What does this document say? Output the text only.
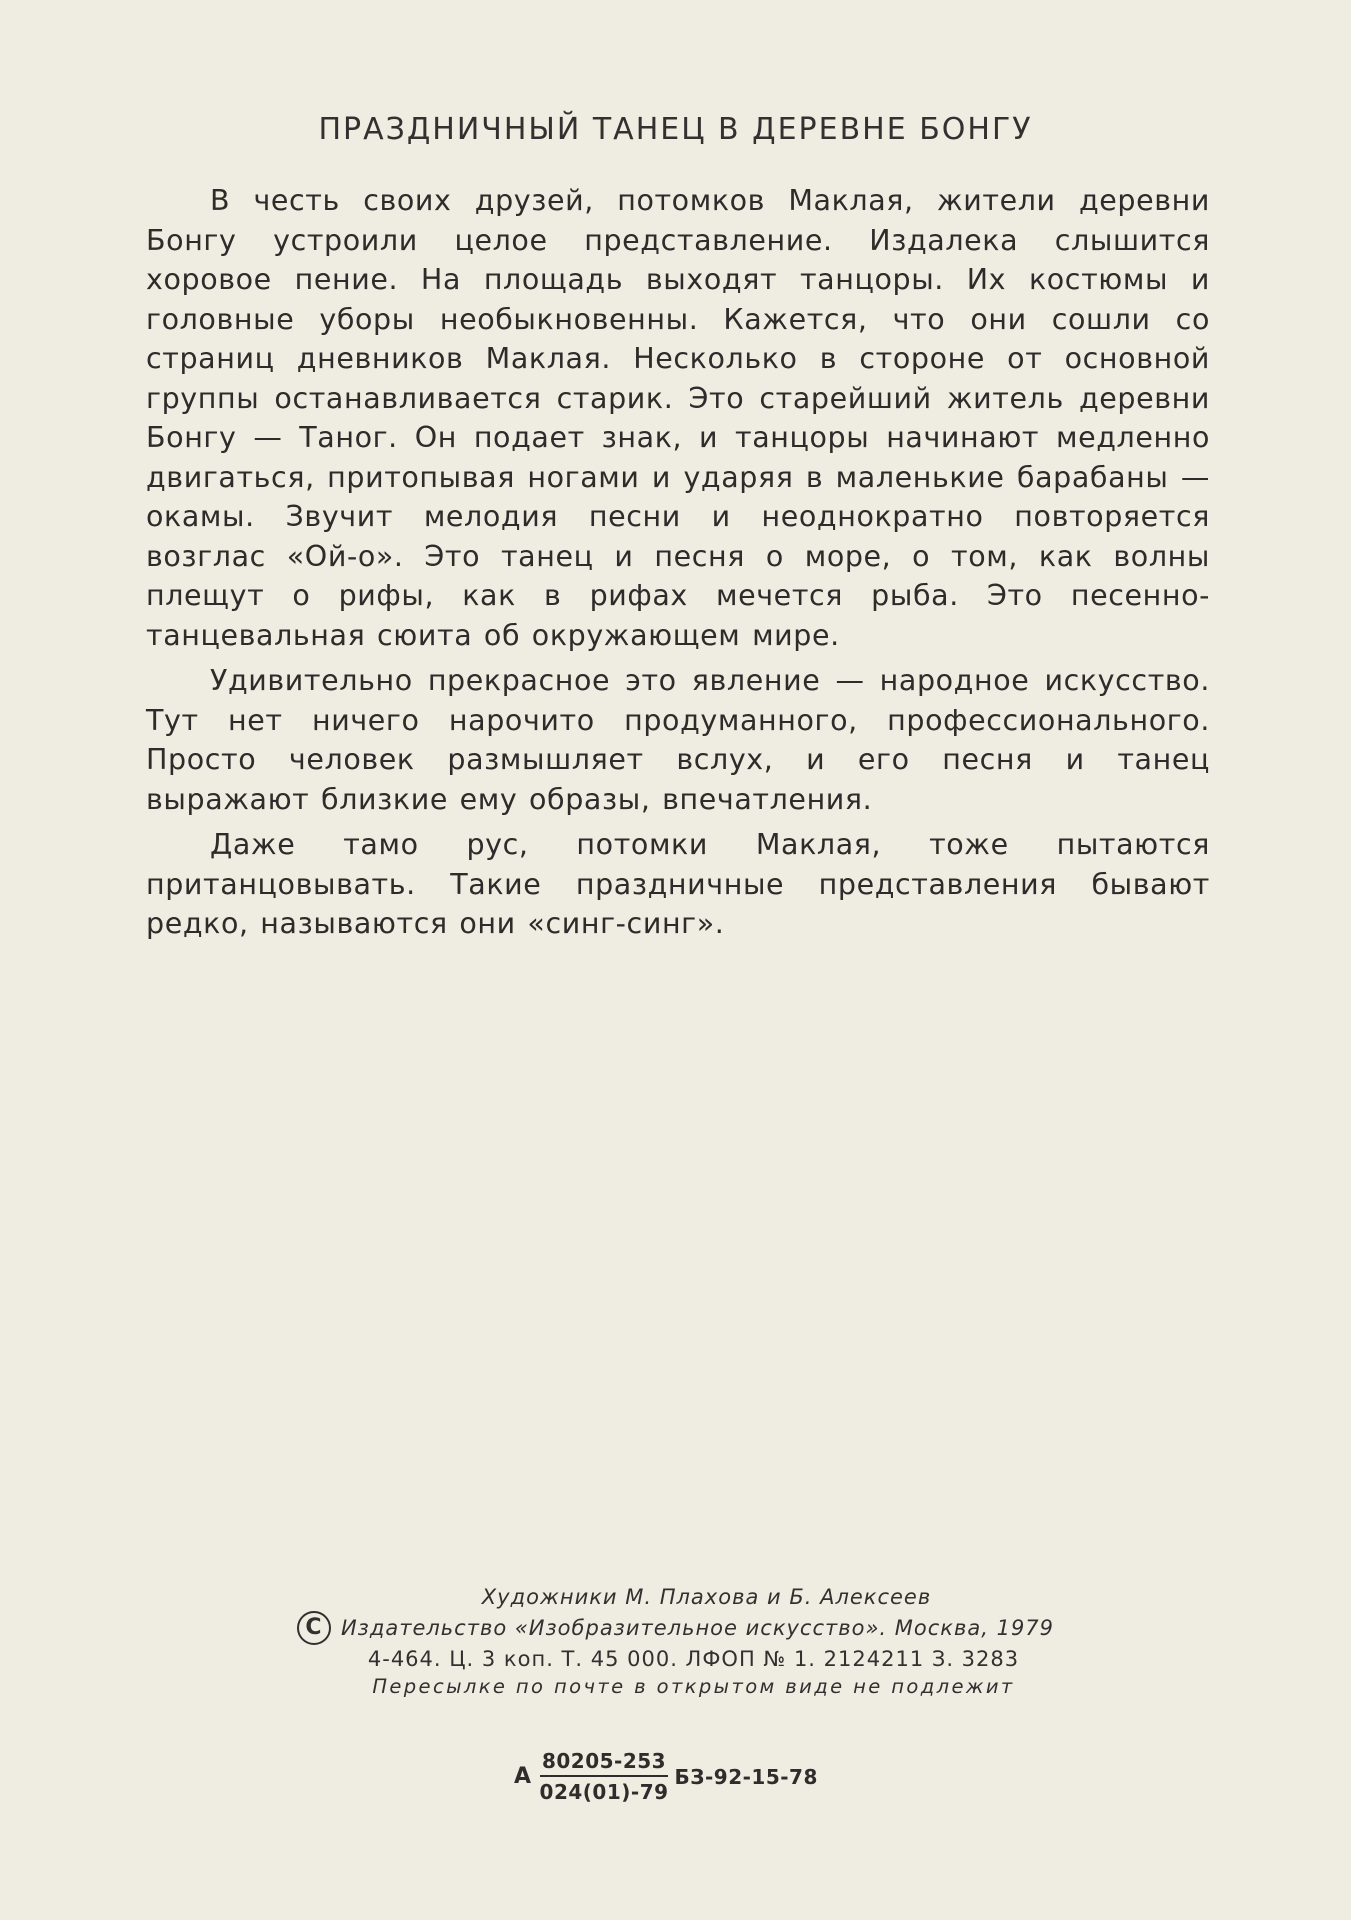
ПРАЗДНИЧНЫЙ ТАНЕЦ В ДЕРЕВНЕ БОНГУ

В честь своих друзей, потомков Маклая, жители деревни Бонгу устроили целое представление. Издалека слышится хоровое пение. На площадь выходят танцоры. Их костюмы и головные уборы необыкновенны. Кажется, что они сошли со страниц дневников Маклая. Несколько в стороне от основной группы останавливается старик. Это старейший житель деревни Бонгу — Таног. Он подает знак, и танцоры начинают медленно двигаться, притопывая ногами и ударяя в маленькие барабаны — окамы. Звучит мелодия песни и неоднократно повторяется возглас «Ой-о». Это танец и песня о море, о том, как волны плещут о рифы, как в рифах мечется рыба. Это песенно-танцевальная сюита об окружающем мире.

Удивительно прекрасное это явление — народное искусство. Тут нет ничего нарочито продуманного, профессионального. Просто человек размышляет вслух, и его песня и танец выражают близкие ему образы, впечатления.

Даже тамо рус, потомки Маклая, тоже пытаются пританцовывать. Такие праздничные представления бывают редко, называются они «синг-синг».

Художники М. Плахова и Б. Алексеев
C Издательство «Изобразительное искусство». Москва, 1979
4-464. Ц. 3 коп. Т. 45 000. ЛФОП № 1. 2124211 З. 3283
Пересылке по почте в открытом виде не подлежит
А $\frac{80205-253}{024(01)-79} БЗ-92-15-78$
